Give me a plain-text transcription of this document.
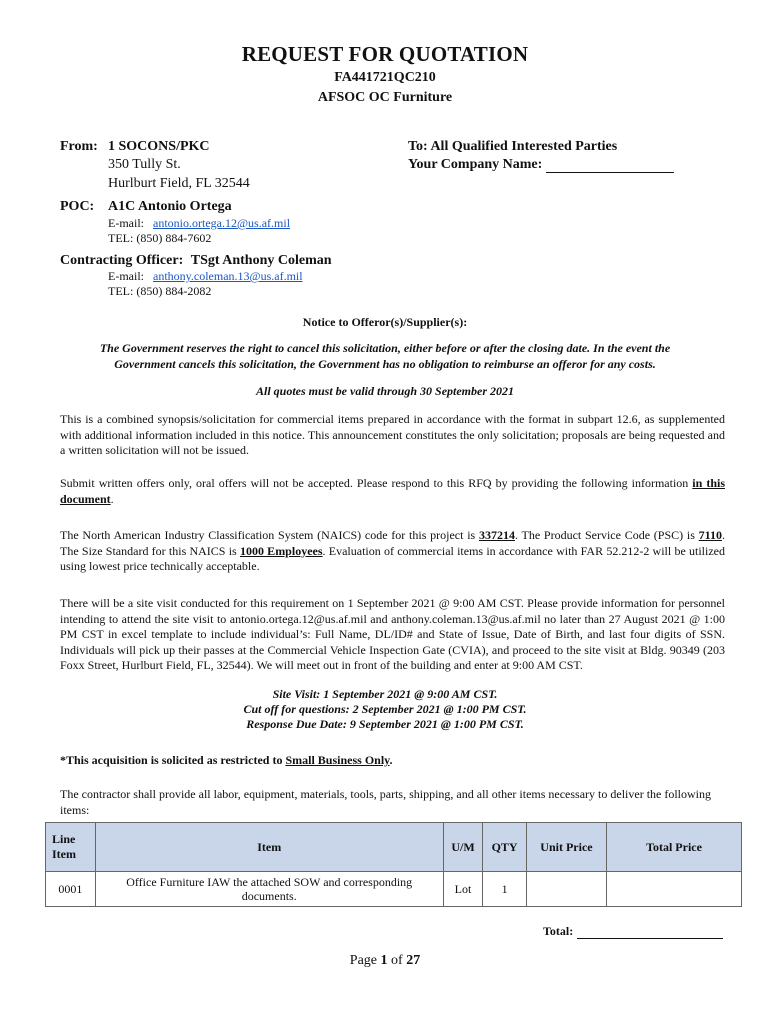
REQUEST FOR QUOTATION
FA441721QC210
AFSOC OC Furniture
From: 1 SOCONS/PKC
350 Tully St.
Hurlburt Field, FL 32544
To: All Qualified Interested Parties
Your Company Name:
POC: A1C Antonio Ortega
E-mail: antonio.ortega.12@us.af.mil
TEL: (850) 884-7602
Contracting Officer: TSgt Anthony Coleman
E-mail: anthony.coleman.13@us.af.mil
TEL: (850) 884-2082
Notice to Offeror(s)/Supplier(s):
The Government reserves the right to cancel this solicitation, either before or after the closing date. In the event the
Government cancels this solicitation, the Government has no obligation to reimburse an offeror for any costs.
All quotes must be valid through 30 September 2021
This is a combined synopsis/solicitation for commercial items prepared in accordance with the format in subpart 12.6, as supplemented with additional information included in this notice. This announcement constitutes the only solicitation; proposals are being requested and a written solicitation will not be issued.
Submit written offers only, oral offers will not be accepted. Please respond to this RFQ by providing the following information in this document.
The North American Industry Classification System (NAICS) code for this project is 337214. The Product Service Code (PSC) is 7110. The Size Standard for this NAICS is 1000 Employees. Evaluation of commercial items in accordance with FAR 52.212-2 will be utilized using lowest price technically acceptable.
There will be a site visit conducted for this requirement on 1 September 2021 @ 9:00 AM CST. Please provide information for personnel intending to attend the site visit to antonio.ortega.12@us.af.mil and anthony.coleman.13@us.af.mil no later than 27 August 2021 @ 1:00 PM CST in excel template to include individual’s: Full Name, DL/ID# and State of Issue, Date of Birth, and last four digits of SSN. Individuals will pick up their passes at the Commercial Vehicle Inspection Gate (CVIA), and proceed to the site visit at Bldg. 90349 (203 Foxx Street, Hurlburt Field, FL, 32544). We will meet out in front of the building and enter at 9:00 AM CST.
Site Visit: 1 September 2021 @ 9:00 AM CST.
Cut off for questions: 2 September 2021 @ 1:00 PM CST.
Response Due Date: 9 September 2021 @ 1:00 PM CST.
*This acquisition is solicited as restricted to Small Business Only.
The contractor shall provide all labor, equipment, materials, tools, parts, shipping, and all other items necessary to deliver the following items:
Line Item	Item	U/M	QTY	Unit Price	Total Price
0001	Office Furniture IAW the attached SOW and corresponding documents.	Lot	1		
Total:
Page 1 of 27
